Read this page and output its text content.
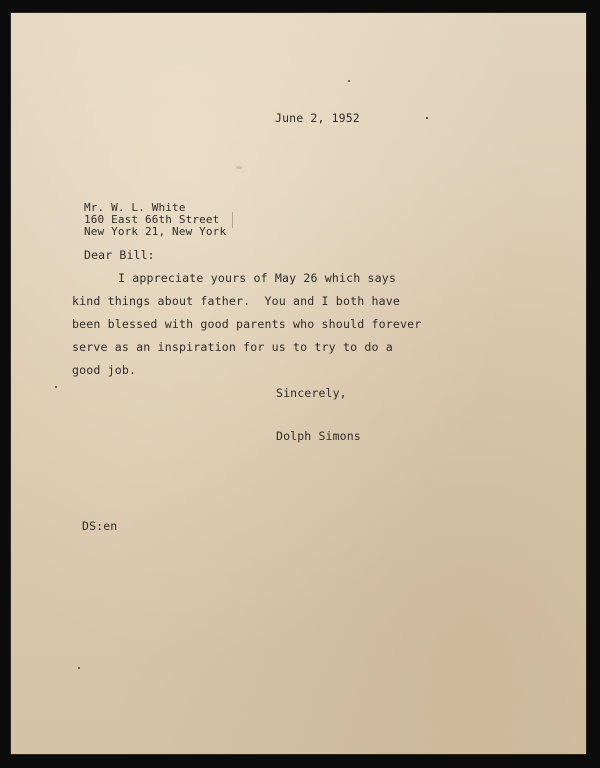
June 2, 1952
Mr. W. L. White
160 East 66th Street
New York 21, New York
Dear Bill:
I appreciate yours of May 26 which says
kind things about father.  You and I both have
been blessed with good parents who should forever
serve as an inspiration for us to try to do a
good job.
Sincerely,
Dolph Simons
DS:en
